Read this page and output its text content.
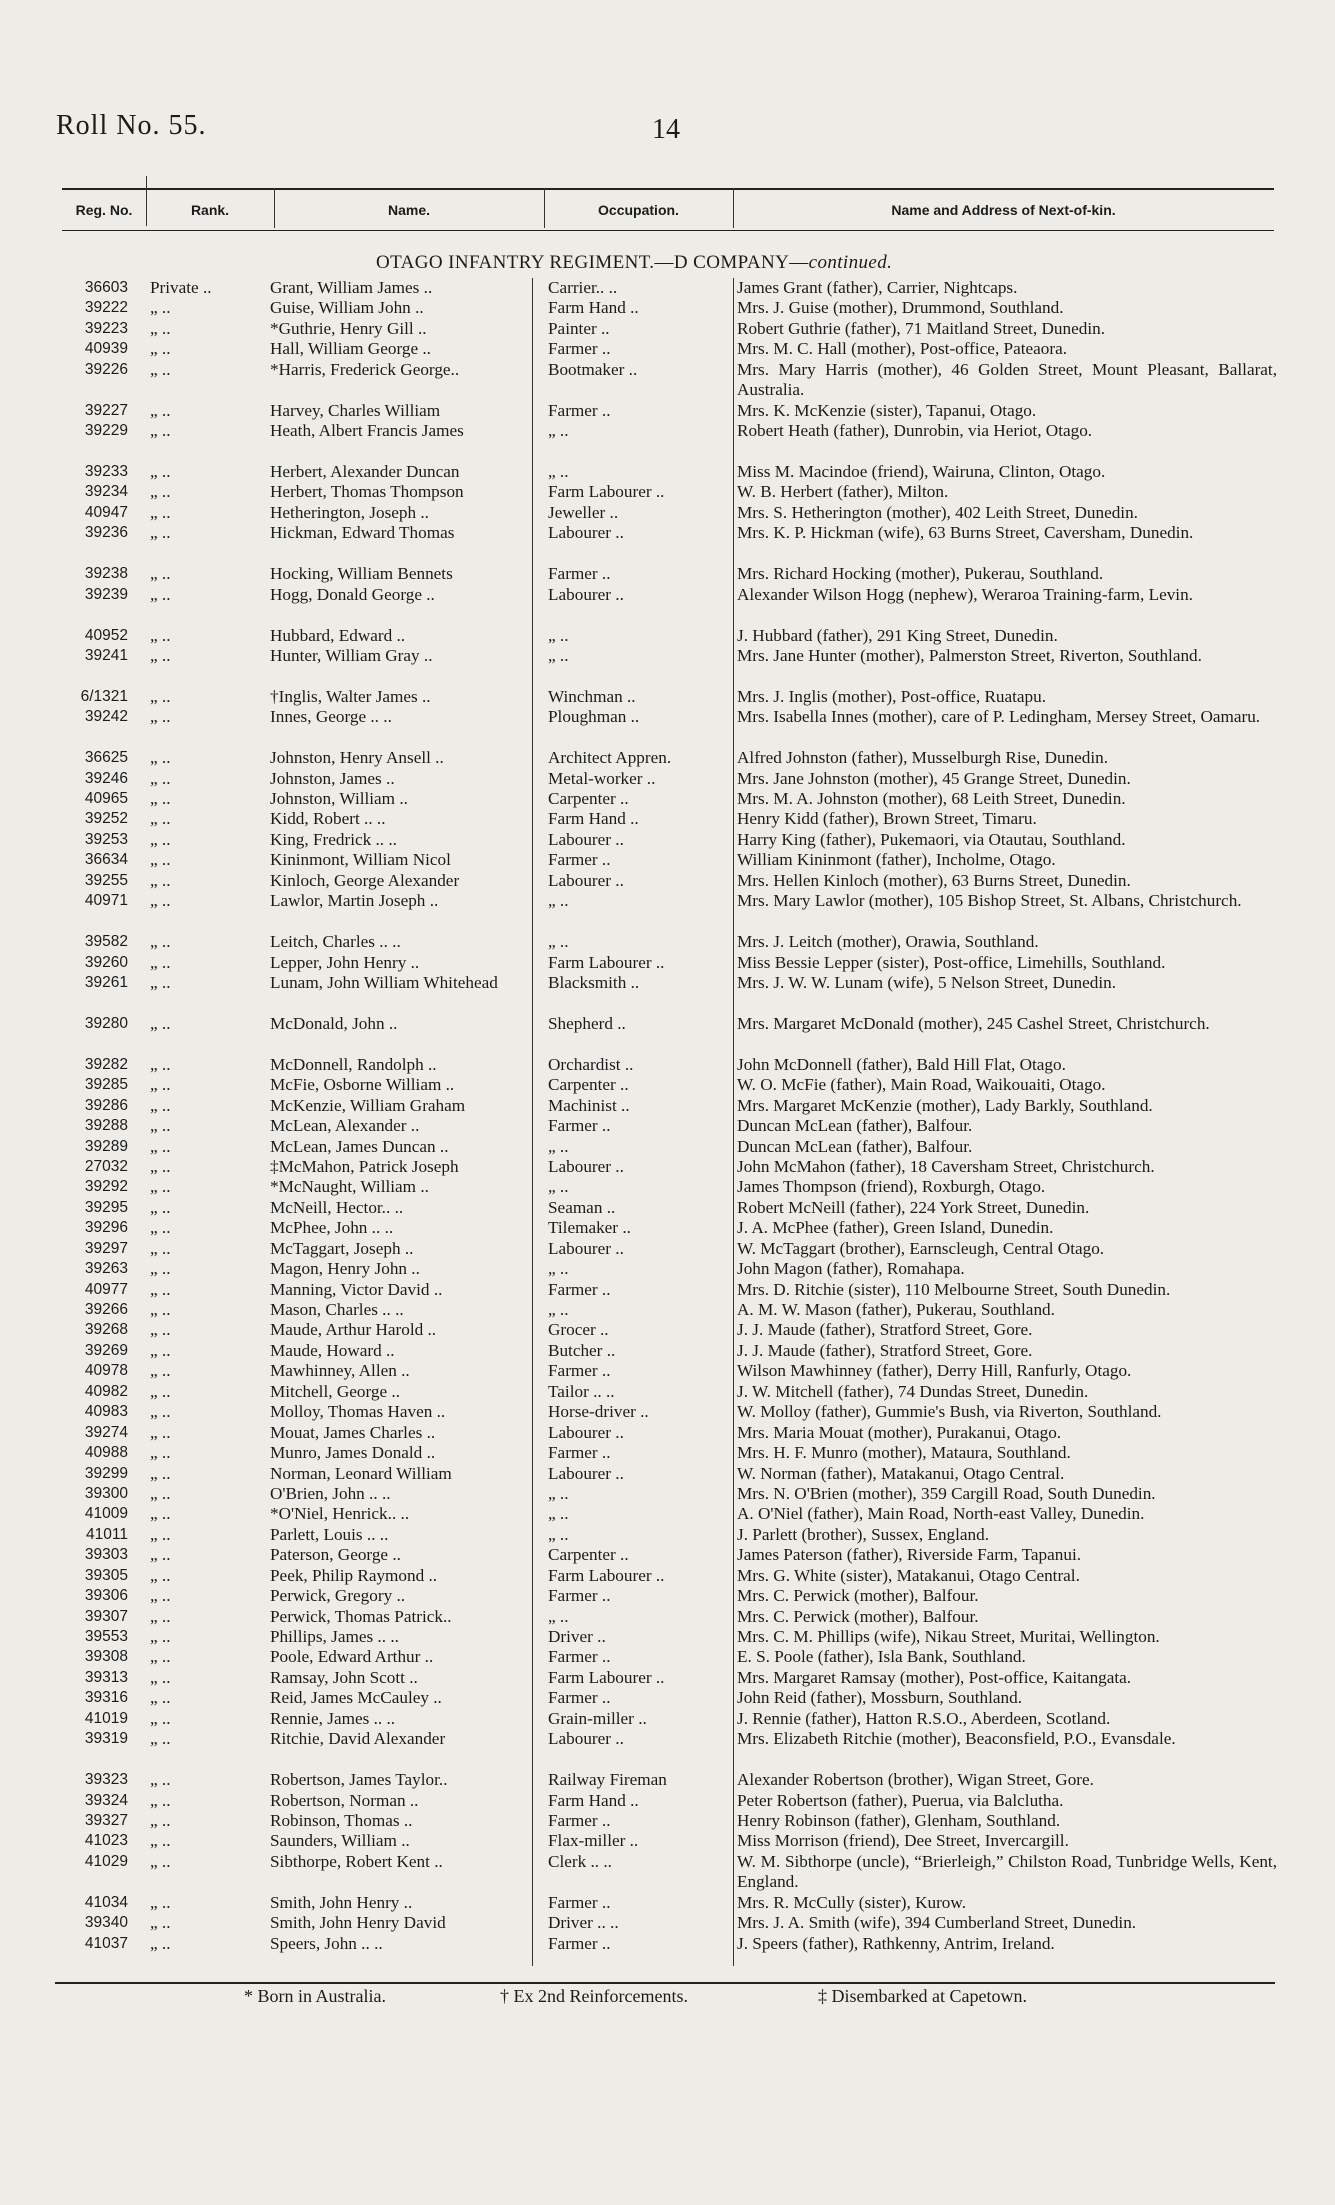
Roll No. 55.	14
Reg. No.	Rank.	Name.	Occupation.	Name and Address of Next-of-kin.
OTAGO INFANTRY REGIMENT.—D COMPANY—continued.
36603 Private ..	Grant, William James ..	Carrier.. ..	James Grant (father), Carrier, Nightcaps.
39222 „ ..	Guise, William John ..	Farm Hand ..	Mrs. J. Guise (mother), Drummond, Southland.
39223 „ ..	*Guthrie, Henry Gill ..	Painter ..	Robert Guthrie (father), 71 Maitland Street, Dunedin.
40939 „ ..	Hall, William George ..	Farmer ..	Mrs. M. C. Hall (mother), Post-office, Pateaora.
39226 „ ..	*Harris, Frederick George..	Bootmaker ..	Mrs. Mary Harris (mother), 46 Golden Street, Mount Pleasant, Ballarat, Australia.
39227 „ ..	Harvey, Charles William	Farmer ..	Mrs. K. McKenzie (sister), Tapanui, Otago.
39229 „ ..	Heath, Albert Francis James	„ ..	Robert Heath (father), Dunrobin, via Heriot, Otago.
39233 „ ..	Herbert, Alexander Duncan	„ ..	Miss M. Macindoe (friend), Wairuna, Clinton, Otago.
39234 „ ..	Herbert, Thomas Thompson	Farm Labourer ..	W. B. Herbert (father), Milton.
40947 „ ..	Hetherington, Joseph ..	Jeweller ..	Mrs. S. Hetherington (mother), 402 Leith Street, Dunedin.
39236 „ ..	Hickman, Edward Thomas	Labourer ..	Mrs. K. P. Hickman (wife), 63 Burns Street, Caversham, Dunedin.
39238 „ ..	Hocking, William Bennets	Farmer ..	Mrs. Richard Hocking (mother), Pukerau, Southland.
39239 „ ..	Hogg, Donald George ..	Labourer ..	Alexander Wilson Hogg (nephew), Weraroa Training-farm, Levin.
40952 „ ..	Hubbard, Edward ..	„ ..	J. Hubbard (father), 291 King Street, Dunedin.
39241 „ ..	Hunter, William Gray ..	„ ..	Mrs. Jane Hunter (mother), Palmerston Street, Riverton, Southland.
6/1321 „ ..	†Inglis, Walter James ..	Winchman ..	Mrs. J. Inglis (mother), Post-office, Ruatapu.
39242 „ ..	Innes, George .. ..	Ploughman ..	Mrs. Isabella Innes (mother), care of P. Ledingham, Mersey Street, Oamaru.
36625 „ ..	Johnston, Henry Ansell ..	Architect Appren.	Alfred Johnston (father), Musselburgh Rise, Dunedin.
39246 „ ..	Johnston, James ..	Metal-worker ..	Mrs. Jane Johnston (mother), 45 Grange Street, Dunedin.
40965 „ ..	Johnston, William ..	Carpenter ..	Mrs. M. A. Johnston (mother), 68 Leith Street, Dunedin.
39252 „ ..	Kidd, Robert .. ..	Farm Hand ..	Henry Kidd (father), Brown Street, Timaru.
39253 „ ..	King, Fredrick .. ..	Labourer ..	Harry King (father), Pukemaori, via Otautau, Southland.
36634 „ ..	Kininmont, William Nicol	Farmer ..	William Kininmont (father), Incholme, Otago.
39255 „ ..	Kinloch, George Alexander	Labourer ..	Mrs. Hellen Kinloch (mother), 63 Burns Street, Dunedin.
40971 „ ..	Lawlor, Martin Joseph ..	„ ..	Mrs. Mary Lawlor (mother), 105 Bishop Street, St. Albans, Christchurch.
39582 „ ..	Leitch, Charles .. ..	„ ..	Mrs. J. Leitch (mother), Orawia, Southland.
39260 „ ..	Lepper, John Henry ..	Farm Labourer ..	Miss Bessie Lepper (sister), Post-office, Limehills, Southland.
39261 „ ..	Lunam, John William Whitehead	Blacksmith ..	Mrs. J. W. W. Lunam (wife), 5 Nelson Street, Dunedin.
39280 „ ..	McDonald, John ..	Shepherd ..	Mrs. Margaret McDonald (mother), 245 Cashel Street, Christchurch.
39282 „ ..	McDonnell, Randolph ..	Orchardist ..	John McDonnell (father), Bald Hill Flat, Otago.
39285 „ ..	McFie, Osborne William ..	Carpenter ..	W. O. McFie (father), Main Road, Waikouaiti, Otago.
39286 „ ..	McKenzie, William Graham	Machinist ..	Mrs. Margaret McKenzie (mother), Lady Barkly, Southland.
39288 „ ..	McLean, Alexander ..	Farmer ..	Duncan McLean (father), Balfour.
39289 „ ..	McLean, James Duncan ..	„ ..	Duncan McLean (father), Balfour.
27032 „ ..	‡McMahon, Patrick Joseph	Labourer ..	John McMahon (father), 18 Caversham Street, Christchurch.
39292 „ ..	*McNaught, William ..	„ ..	James Thompson (friend), Roxburgh, Otago.
39295 „ ..	McNeill, Hector.. ..	Seaman ..	Robert McNeill (father), 224 York Street, Dunedin.
39296 „ ..	McPhee, John .. ..	Tilemaker ..	J. A. McPhee (father), Green Island, Dunedin.
39297 „ ..	McTaggart, Joseph ..	Labourer ..	W. McTaggart (brother), Earnscleugh, Central Otago.
39263 „ ..	Magon, Henry John ..	„ ..	John Magon (father), Romahapa.
40977 „ ..	Manning, Victor David ..	Farmer ..	Mrs. D. Ritchie (sister), 110 Melbourne Street, South Dunedin.
39266 „ ..	Mason, Charles .. ..	„ ..	A. M. W. Mason (father), Pukerau, Southland.
39268 „ ..	Maude, Arthur Harold ..	Grocer ..	J. J. Maude (father), Stratford Street, Gore.
39269 „ ..	Maude, Howard ..	Butcher ..	J. J. Maude (father), Stratford Street, Gore.
40978 „ ..	Mawhinney, Allen ..	Farmer ..	Wilson Mawhinney (father), Derry Hill, Ranfurly, Otago.
40982 „ ..	Mitchell, George ..	Tailor .. ..	J. W. Mitchell (father), 74 Dundas Street, Dunedin.
40983 „ ..	Molloy, Thomas Haven ..	Horse-driver ..	W. Molloy (father), Gummie's Bush, via Riverton, Southland.
39274 „ ..	Mouat, James Charles ..	Labourer ..	Mrs. Maria Mouat (mother), Purakanui, Otago.
40988 „ ..	Munro, James Donald ..	Farmer ..	Mrs. H. F. Munro (mother), Mataura, Southland.
39299 „ ..	Norman, Leonard William	Labourer ..	W. Norman (father), Matakanui, Otago Central.
39300 „ ..	O'Brien, John .. ..	„ ..	Mrs. N. O'Brien (mother), 359 Cargill Road, South Dunedin.
41009 „ ..	*O'Niel, Henrick.. ..	„ ..	A. O'Niel (father), Main Road, North-east Valley, Dunedin.
41011 „ ..	Parlett, Louis .. ..	„ ..	J. Parlett (brother), Sussex, England.
39303 „ ..	Paterson, George ..	Carpenter ..	James Paterson (father), Riverside Farm, Tapanui.
39305 „ ..	Peek, Philip Raymond ..	Farm Labourer ..	Mrs. G. White (sister), Matakanui, Otago Central.
39306 „ ..	Perwick, Gregory ..	Farmer ..	Mrs. C. Perwick (mother), Balfour.
39307 „ ..	Perwick, Thomas Patrick..	„ ..	Mrs. C. Perwick (mother), Balfour.
39553 „ ..	Phillips, James .. ..	Driver ..	Mrs. C. M. Phillips (wife), Nikau Street, Muritai, Wellington.
39308 „ ..	Poole, Edward Arthur ..	Farmer ..	E. S. Poole (father), Isla Bank, Southland.
39313 „ ..	Ramsay, John Scott ..	Farm Labourer ..	Mrs. Margaret Ramsay (mother), Post-office, Kaitangata.
39316 „ ..	Reid, James McCauley ..	Farmer ..	John Reid (father), Mossburn, Southland.
41019 „ ..	Rennie, James .. ..	Grain-miller ..	J. Rennie (father), Hatton R.S.O., Aberdeen, Scotland.
39319 „ ..	Ritchie, David Alexander	Labourer ..	Mrs. Elizabeth Ritchie (mother), Beaconsfield, P.O., Evansdale.
39323 „ ..	Robertson, James Taylor..	Railway Fireman	Alexander Robertson (brother), Wigan Street, Gore.
39324 „ ..	Robertson, Norman ..	Farm Hand ..	Peter Robertson (father), Puerua, via Balclutha.
39327 „ ..	Robinson, Thomas ..	Farmer ..	Henry Robinson (father), Glenham, Southland.
41023 „ ..	Saunders, William ..	Flax-miller ..	Miss Morrison (friend), Dee Street, Invercargill.
41029 „ ..	Sibthorpe, Robert Kent ..	Clerk .. ..	W. M. Sibthorpe (uncle), “Brierleigh,” Chilston Road, Tunbridge Wells, Kent, England.
41034 „ ..	Smith, John Henry ..	Farmer ..	Mrs. R. McCully (sister), Kurow.
39340 „ ..	Smith, John Henry David	Driver .. ..	Mrs. J. A. Smith (wife), 394 Cumberland Street, Dunedin.
41037 „ ..	Speers, John .. ..	Farmer ..	J. Speers (father), Rathkenny, Antrim, Ireland.
* Born in Australia.	† Ex 2nd Reinforcements.	‡ Disembarked at Capetown.
